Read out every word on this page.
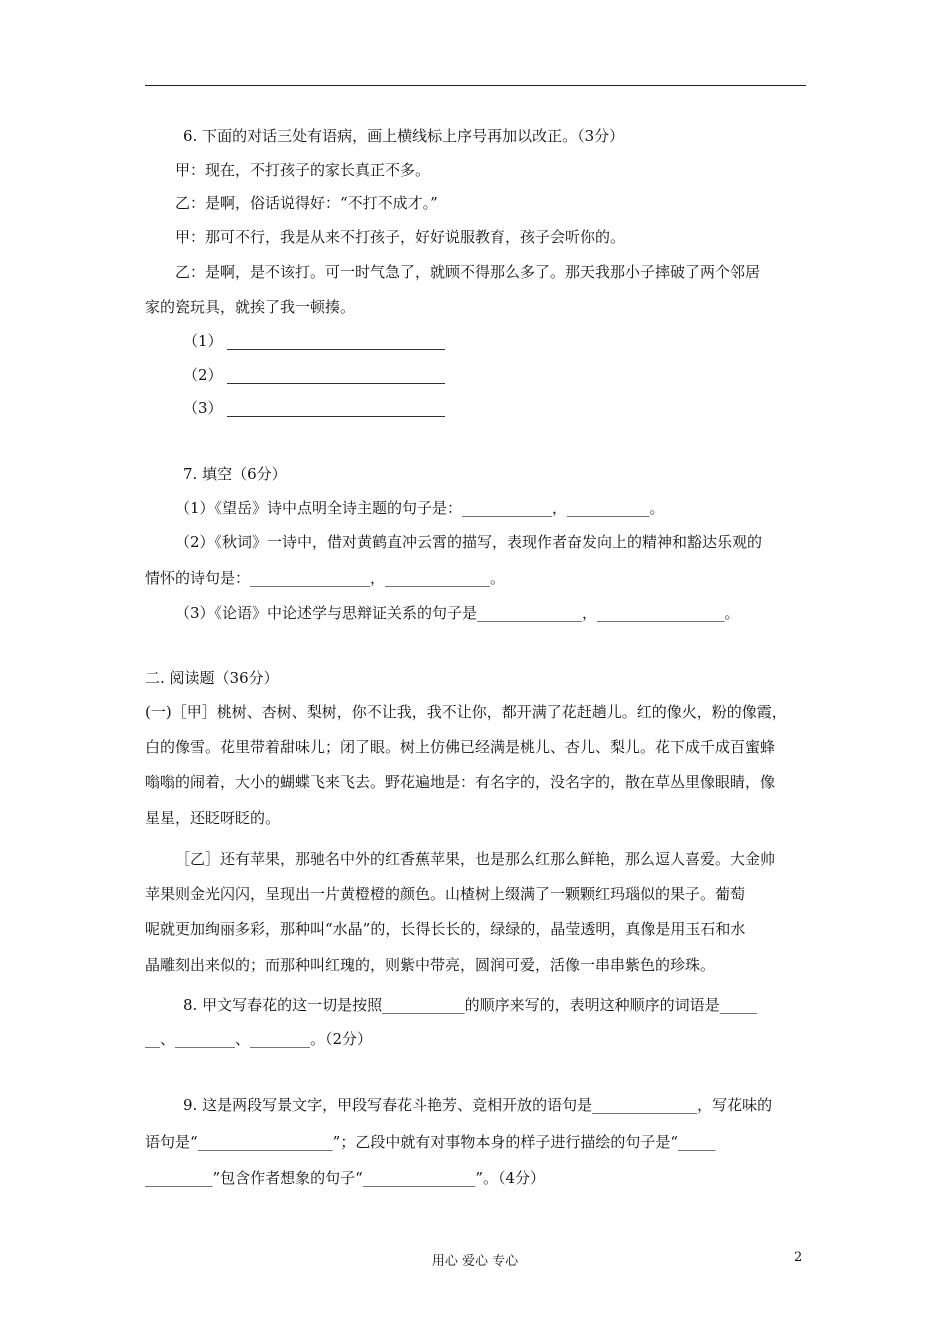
6. 下面的对话三处有语病，画上横线标上序号再加以改正。（3分）
甲：现在，不打孩子的家长真正不多。
乙：是啊，俗话说得好：“不打不成才。”
甲：那可不行，我是从来不打孩子，好好说服教育，孩子会听你的。
乙：是啊，是不该打。可一时气急了，就顾不得那么多了。那天我那小子摔破了两个邻居
家的瓷玩具，就挨了我一顿揍。
（1）
（2）
（3）
7. 填空（6分）
（1）《望岳》诗中点明全诗主题的句子是：____________，___________。
（2）《秋词》一诗中，借对黄鹤直冲云霄的描写，表现作者奋发向上的精神和豁达乐观的
情怀的诗句是：________________，______________。
（3）《论语》中论述学与思辩证关系的句子是______________，_________________。
二. 阅读题（36分）
(一)［甲］桃树、杏树、梨树，你不让我，我不让你，都开满了花赶趟儿。红的像火，粉的像霞，
白的像雪。花里带着甜味儿；闭了眼。树上仿佛已经满是桃儿、杏儿、梨儿。花下成千成百蜜蜂
嗡嗡的闹着，大小的蝴蝶飞来飞去。野花遍地是：有名字的，没名字的，散在草丛里像眼睛，像
星星，还眨呀眨的。
［乙］还有苹果，那驰名中外的红香蕉苹果，也是那么红那么鲜艳，那么逗人喜爱。大金帅
苹果则金光闪闪，呈现出一片黄橙橙的颜色。山楂树上缀满了一颗颗红玛瑙似的果子。葡萄
呢就更加绚丽多彩，那种叫“水晶”的，长得长长的，绿绿的，晶莹透明，真像是用玉石和水
晶雕刻出来似的；而那种叫红瑰的，则紫中带亮，圆润可爱，活像一串串紫色的珍珠。
8. 甲文写春花的这一切是按照___________的顺序来写的，表明这种顺序的词语是_____
__、________、________。（2分）
9. 这是两段写景文字，甲段写春花斗艳芳、竞相开放的语句是______________，写花味的
语句是“__________________”；乙段中就有对事物本身的样子进行描绘的句子是“_____
_________”包含作者想象的句子“_______________”。（4分）
用心 爱心 专心	2
